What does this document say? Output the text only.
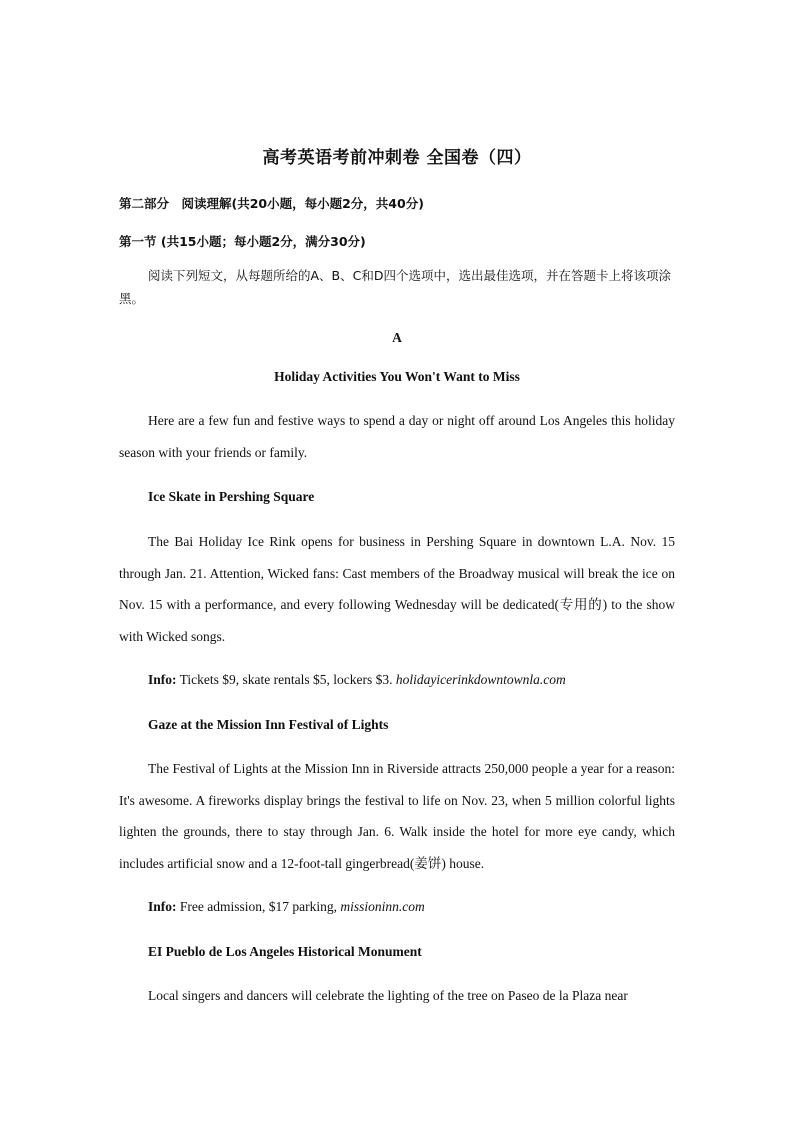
高考英语考前冲刺卷 全国卷（四）
第二部分　阅读理解(共20小题，每小题2分，共40分)
第一节 (共15小题；每小题2分，满分30分)
阅读下列短文，从每题所给的A、B、C和D四个选项中，选出最佳选项，并在答题卡上将该项涂黑。
A
Holiday Activities You Won't Want to Miss
Here are a few fun and festive ways to spend a day or night off around Los Angeles this holiday season with your friends or family.
Ice Skate in Pershing Square
The Bai Holiday Ice Rink opens for business in Pershing Square in downtown L.A. Nov. 15 through Jan. 21. Attention, Wicked fans: Cast members of the Broadway musical will break the ice on Nov. 15 with a performance, and every following Wednesday will be dedicated(专用的) to the show with Wicked songs.
Info: Tickets $9, skate rentals $5, lockers $3. holidayicerinkdowntownla.com
Gaze at the Mission Inn Festival of Lights
The Festival of Lights at the Mission Inn in Riverside attracts 250,000 people a year for a reason: It's awesome. A fireworks display brings the festival to life on Nov. 23, when 5 million colorful lights lighten the grounds, there to stay through Jan. 6. Walk inside the hotel for more eye candy, which includes artificial snow and a 12-foot-tall gingerbread(姜饼) house.
Info: Free admission, $17 parking, missioninn.com
EI Pueblo de Los Angeles Historical Monument
Local singers and dancers will celebrate the lighting of the tree on Paseo de la Plaza near
